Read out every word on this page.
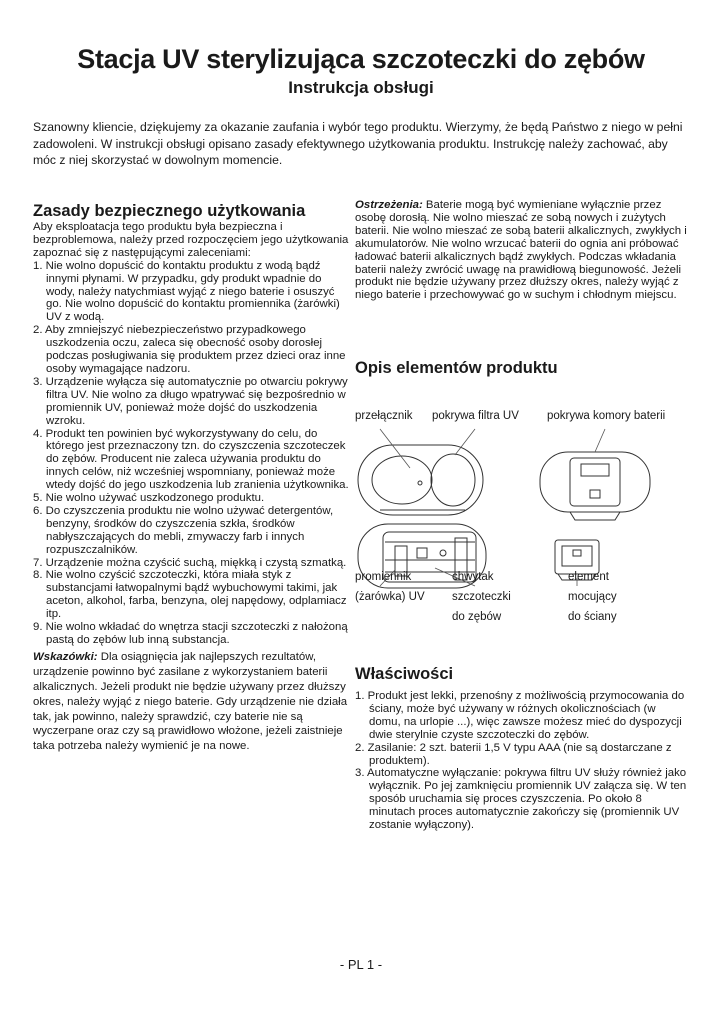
Stacja UV sterylizująca szczoteczki do zębów
Instrukcja obsługi

Szanowny kliencie, dziękujemy za okazanie zaufania i wybór tego produktu. Wierzymy, że będą Państwo z niego w pełni zadowoleni. W instrukcji obsługi opisano zasady efektywnego użytkowania produktu. Instrukcję należy zachować, aby móc z niej skorzystać w dowolnym momencie.

Zasady bezpiecznego użytkowania

Aby eksploatacja tego produktu była bezpieczna i bezproblemowa, należy przed rozpoczęciem jego użytkowania zapoznać się z następującymi zaleceniami:

1. Nie wolno dopuścić do kontaktu produktu z wodą bądź innymi płynami. W przypadku, gdy produkt wpadnie do wody, należy natychmiast wyjąć z niego baterie i osuszyć go. Nie wolno dopuścić do kontaktu promiennika (żarówki) UV z wodą.
2. Aby zmniejszyć niebezpieczeństwo przypadkowego uszkodzenia oczu, zaleca się obecność osoby dorosłej podczas posługiwania się produktem przez dzieci oraz inne osoby wymagające nadzoru.
3. Urządzenie wyłącza się automatycznie po otwarciu pokrywy filtra UV. Nie wolno za długo wpatrywać się bezpośrednio w promiennik UV, ponieważ może dojść do uszkodzenia wzroku.
4. Produkt ten powinien być wykorzystywany do celu, do którego jest przeznaczony tzn. do czyszczenia szczoteczek do zębów. Producent nie zaleca używania produktu do innych celów, niż wcześniej wspomniany, ponieważ może wtedy dojść do jego uszkodzenia lub zranienia użytkownika.
5. Nie wolno używać uszkodzonego produktu.
6. Do czyszczenia produktu nie wolno używać detergentów, benzyny, środków do czyszczenia szkła, środków nabłyszczających do mebli, zmywaczy farb i innych rozpuszczalników.
7. Urządzenie można czyścić suchą, miękką i czystą szmatką.
8. Nie wolno czyścić szczoteczki, która miała styk z substancjami łatwopalnymi bądź wybuchowymi takimi, jak aceton, alkohol, farba, benzyna, olej napędowy, odplamiacz itp.
9. Nie wolno wkładać do wnętrza stacji szczoteczki z nałożoną pastą do zębów lub inną substancja.

Wskazówki: Dla osiągnięcia jak najlepszych rezultatów, urządzenie powinno być zasilane z wykorzystaniem baterii alkalicznych. Jeżeli produkt nie będzie używany przez dłuższy okres, należy wyjąć z niego baterie. Gdy urządzenie nie działa tak, jak powinno, należy sprawdzić, czy baterie nie są wyczerpane oraz czy są prawidłowo włożone, jeżeli zaistnieje taka potrzeba należy wymienić je na nowe.

Ostrzeżenia: Baterie mogą być wymieniane wyłącznie przez osobę dorosłą. Nie wolno mieszać ze sobą nowych i zużytych baterii. Nie wolno mieszać ze sobą baterii alkalicznych, zwykłych i akumulatorów. Nie wolno wrzucać baterii do ognia ani próbować ładować baterii alkalicznych bądź zwykłych. Podczas wkładania baterii należy zwrócić uwagę na prawidłową biegunowość. Jeżeli produkt nie będzie używany przez dłuższy okres, należy wyjąć z niego baterie i przechowywać go w suchym i chłodnym miejscu.

Opis elementów produktu
przełącznik pokrywa filtra UV pokrywa komory baterii
promiennik
(żarówka) UV
chwytak
szczoteczki
do zębów
element
mocujący
do ściany
Właściwości
1. Produkt jest lekki, przenośny z możliwością przymocowania do ściany, może być używany w różnych okolicznościach (w domu, na urlopie ...), więc zawsze możesz mieć do dyspozycji dwie sterylnie czyste szczoteczki do zębów.
2. Zasilanie: 2 szt. baterii 1,5 V typu AAA (nie są dostarczane z produktem).
3. Automatyczne wyłączanie: pokrywa filtru UV służy również jako wyłącznik. Po jej zamknięciu promiennik UV załącza się. W ten sposób uruchamia się proces czyszczenia. Po około 8 minutach proces automatycznie zakończy się (promiennik UV zostanie wyłączony).
- PL 1 -
